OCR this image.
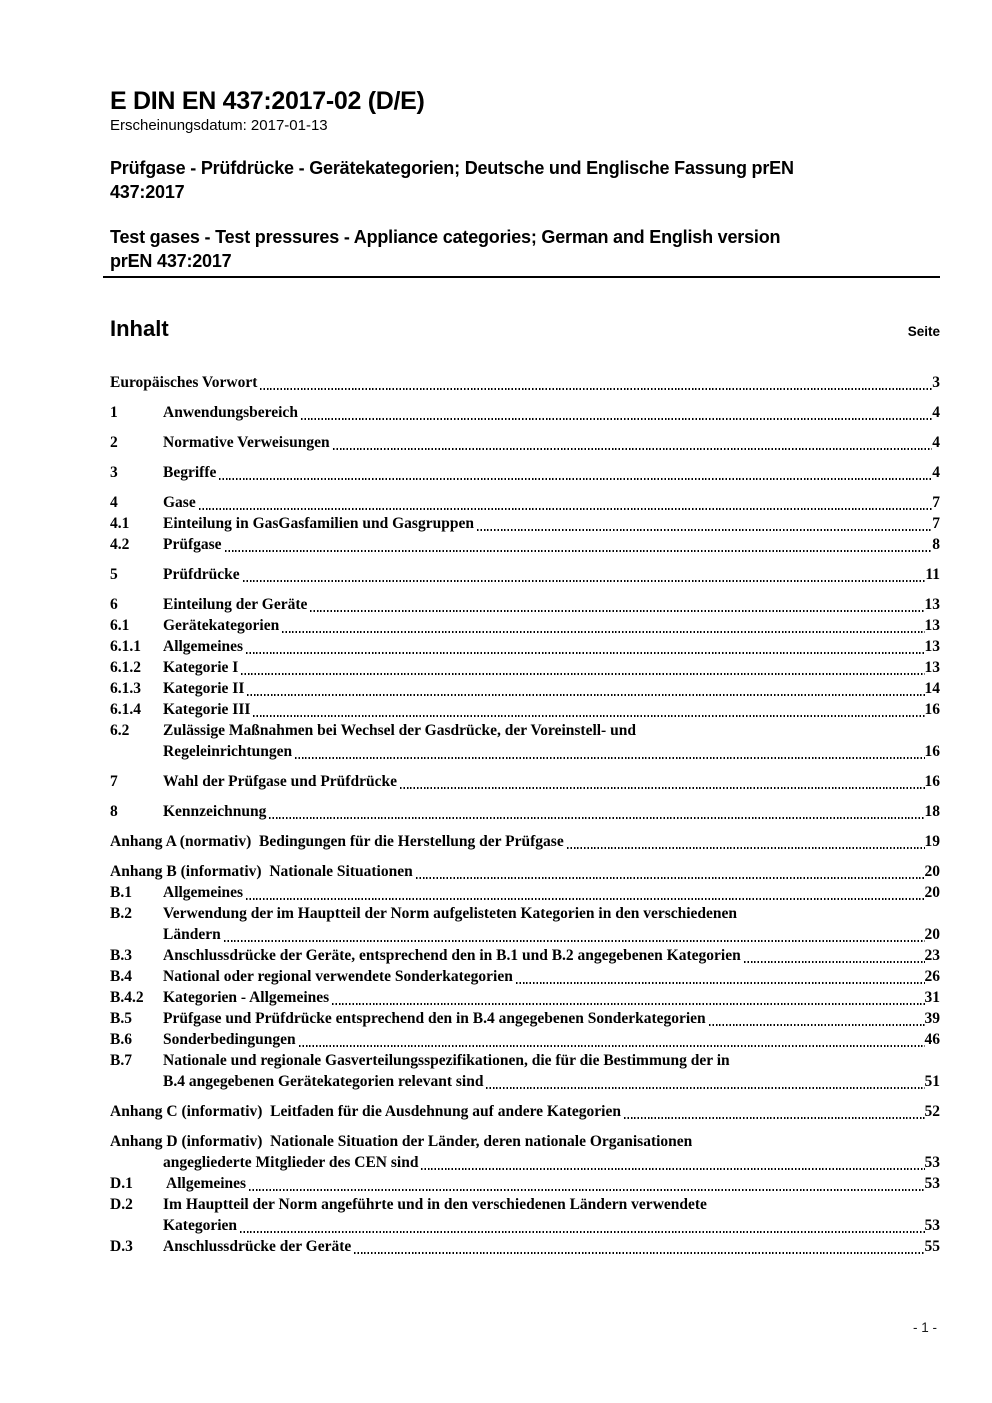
E DIN EN 437:2017-02 (D/E)
Erscheinungsdatum: 2017-01-13
Prüfgase - Prüfdrücke - Gerätekategorien; Deutsche und Englische Fassung prEN
437:2017
Test gases - Test pressures - Appliance categories; German and English version
prEN 437:2017
Inhalt	Seite
Europäisches Vorwort	3
1	Anwendungsbereich	4
2	Normative Verweisungen	4
3	Begriffe	4
4	Gase	7
4.1	Einteilung in GasGasfamilien und Gasgruppen	7
4.2	Prüfgase	8
5	Prüfdrücke	11
6	Einteilung der Geräte	13
6.1	Gerätekategorien	13
6.1.1	Allgemeines	13
6.1.2	Kategorie I	13
6.1.3	Kategorie II	14
6.1.4	Kategorie III	16
6.2	Zulässige Maßnahmen bei Wechsel der Gasdrücke, der Voreinstell- und
Regeleinrichtungen	16
7	Wahl der Prüfgase und Prüfdrücke	16
8	Kennzeichnung	18
Anhang A (normativ)  Bedingungen für die Herstellung der Prüfgase	19
Anhang B (informativ)  Nationale Situationen	20
B.1	Allgemeines	20
B.2	Verwendung der im Hauptteil der Norm aufgelisteten Kategorien in den verschiedenen
Ländern	20
B.3	Anschlussdrücke der Geräte, entsprechend den in B.1 und B.2 angegebenen Kategorien	23
B.4	National oder regional verwendete Sonderkategorien	26
B.4.2	Kategorien - Allgemeines	31
B.5	Prüfgase und Prüfdrücke entsprechend den in B.4 angegebenen Sonderkategorien	39
B.6	Sonderbedingungen	46
B.7	Nationale und regionale Gasverteilungsspezifikationen, die für die Bestimmung der in
B.4 angegebenen Gerätekategorien relevant sind	51
Anhang C (informativ)  Leitfaden für die Ausdehnung auf andere Kategorien	52
Anhang D (informativ)  Nationale Situation der Länder, deren nationale Organisationen
angegliederte Mitglieder des CEN sind	53
D.1	Allgemeines	53
D.2	Im Hauptteil der Norm angeführte und in den verschiedenen Ländern verwendete
Kategorien	53
D.3	Anschlussdrücke der Geräte	55
- 1 -
